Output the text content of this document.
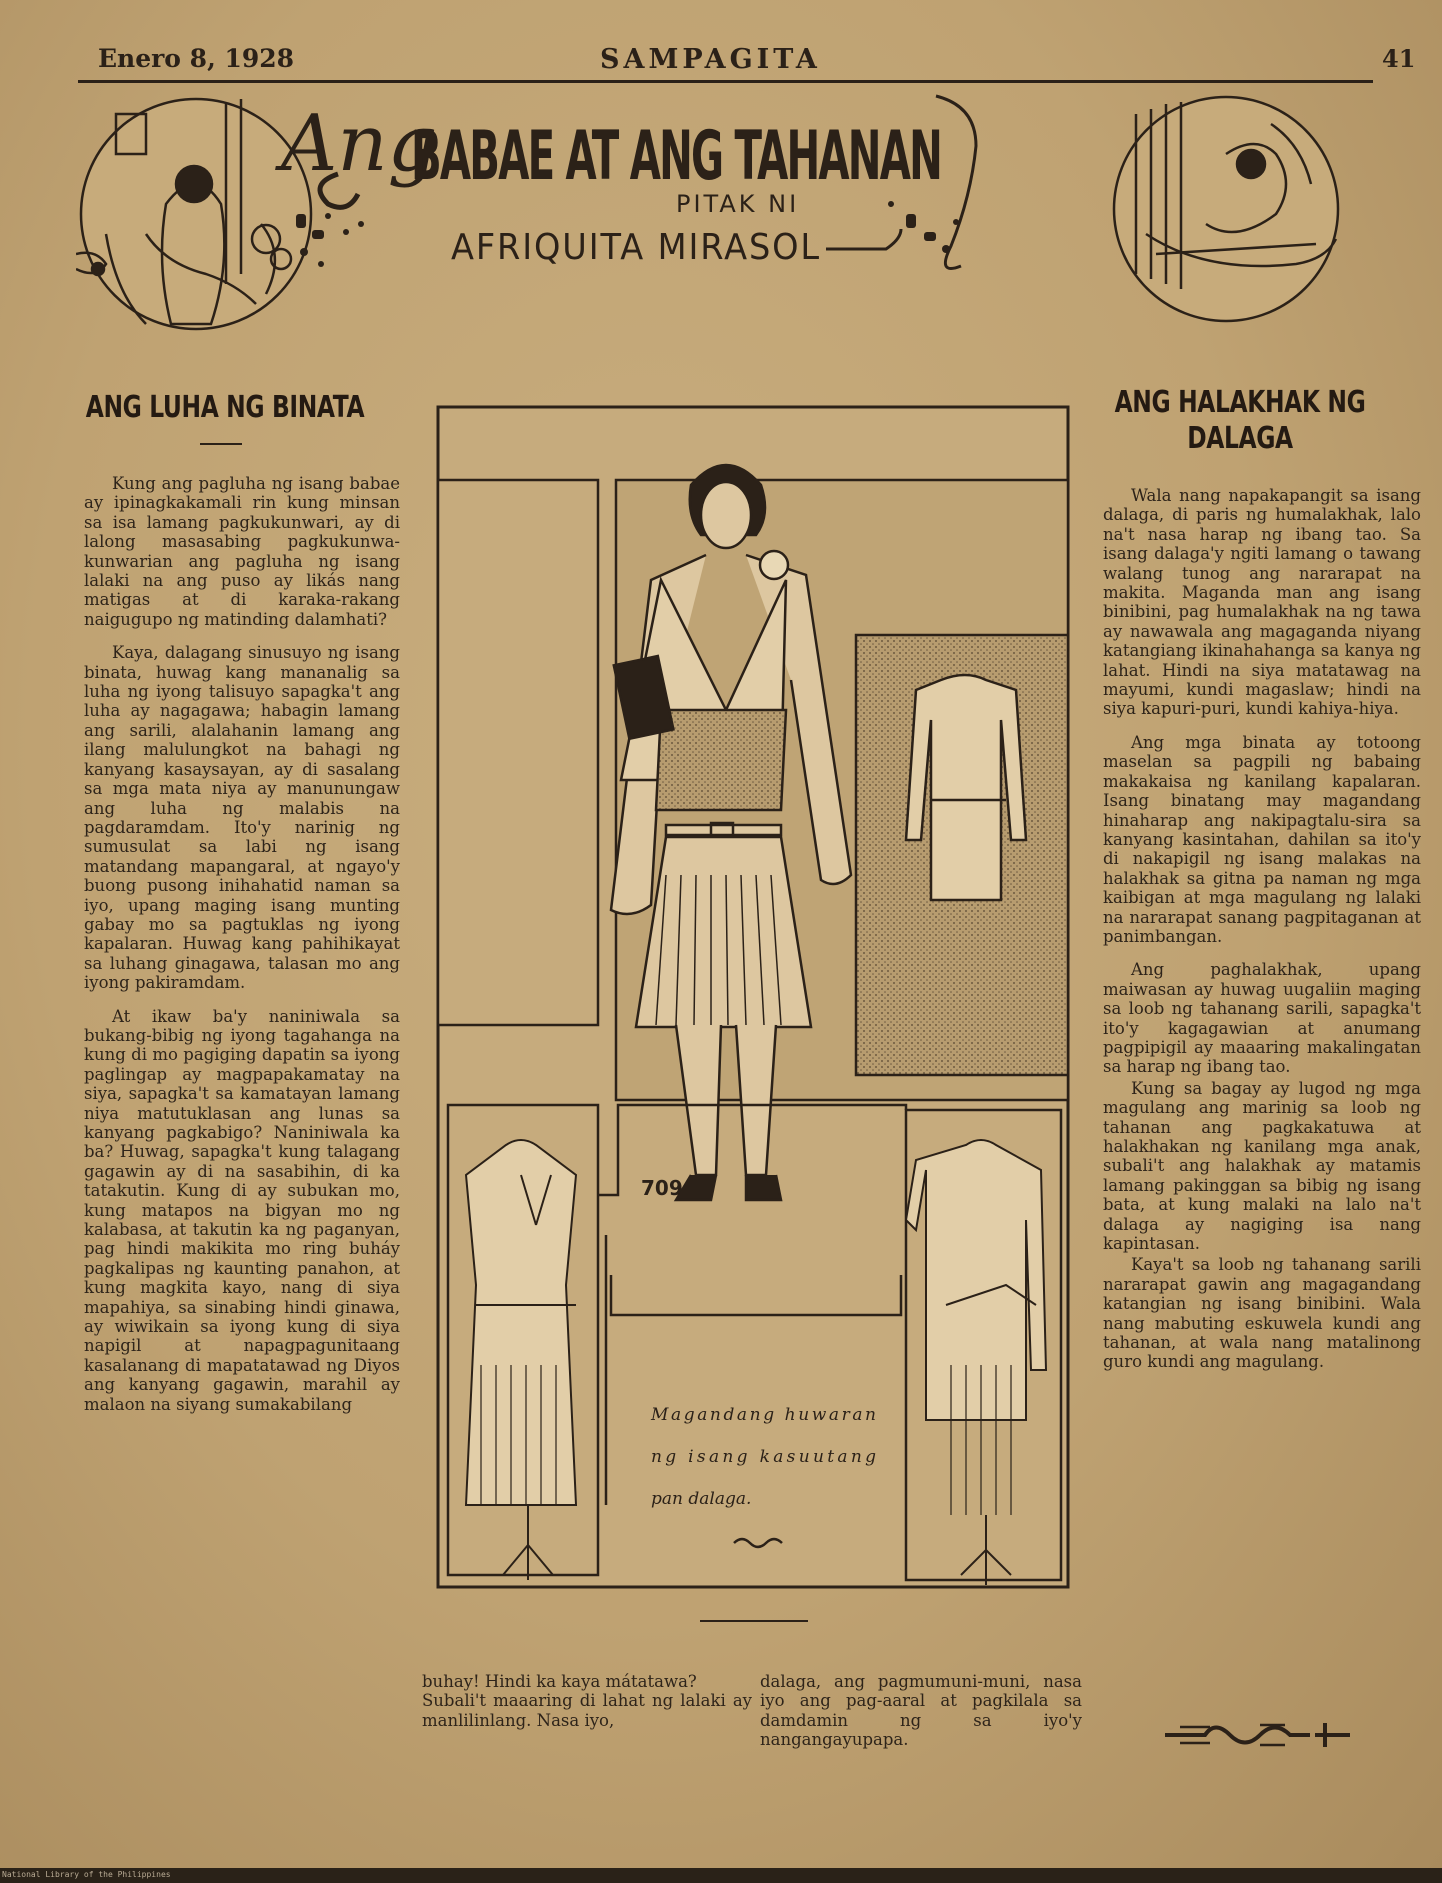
Enero 8, 1928	SAMPAGITA	41
Ang
BABAE AT ANG TAHANAN
PITAK NI
AFRIQUITA MIRASOL
ANG LUHA NG BINATA

Kung ang pagluha ng isang babae ay ipinagkakamali rin kung minsan sa isa lamang pagkukunwari, ay di lalong masasabing pagkukunwa-kunwarian ang pagluha ng isang lalaki na ang puso ay likás nang matigas at di karaka-rakang naigugupo ng matinding dalamhati?

Kaya, dalagang sinusuyo ng isang binata, huwag kang mananalig sa luha ng iyong talisuyo sapagka't ang luha ay nagagawa; habagin lamang ang sarili, alalahanin lamang ang ilang malulungkot na bahagi ng kanyang kasaysayan, ay di sasalang sa mga mata niya ay manunungaw ang luha ng malabis na pagdaramdam. Ito'y narinig ng sumusulat sa labi ng isang matandang mapangaral, at ngayo'y buong pusong inihahatid naman sa iyo, upang maging isang munting gabay mo sa pagtuklas ng iyong kapalaran. Huwag kang pahihikayat sa luhang ginagawa, talasan mo ang iyong pakiramdam.

At ikaw ba'y naniniwala sa bukang-bibig ng iyong tagahanga na kung di mo pagiging dapatin sa iyong paglingap ay magpapakamatay na siya, sapagka't sa kamatayan lamang niya matutuklasan ang lunas sa kanyang pagkabigo? Naniniwala ka ba? Huwag, sapagka't kung talagang gagawin ay di na sasabihin, di ka tatakutin. Kung di ay subukan mo, kung matapos na bigyan mo ng kalabasa, at takutin ka ng paganyan, pag hindi makikita mo ring buháy pagkalipas ng kaunting panahon, at kung magkita kayo, nang di siya mapahiya, sa sinabing hindi ginawa, ay wiwikain sa iyong kung di siya napigil at napagpagunitaang kasalanang di mapatatawad ng Diyos ang kanyang gagawin, marahil ay malaon na siyang sumakabilang

709
Magandang huwaran
ng isang kasuutang
pan dalaga.
buhay! Hindi ka kaya mátatawa?
Subali't maaaring di lahat ng lalaki ay manlilinlang. Nasa iyo,
dalaga, ang pagmumuni-muni, nasa iyo ang pag-aaral at pagkilala sa damdamin ng sa iyo'y nangangayupapa.
ANG HALAKHAK NG DALAGA

Wala nang napakapangit sa isang dalaga, di paris ng humalakhak, lalo na't nasa harap ng ibang tao. Sa isang dalaga'y ngiti lamang o tawang walang tunog ang nararapat na makita. Maganda man ang isang binibini, pag humalakhak na ng tawa ay nawawala ang magaganda niyang katangiang ikinahahanga sa kanya ng lahat. Hindi na siya matatawag na mayumi, kundi magaslaw; hindi na siya kapuri-puri, kundi kahiya-hiya.

Ang mga binata ay totoong maselan sa pagpili ng babaing makakaisa ng kanilang kapalaran. Isang binatang may magandang hinaharap ang nakipagtalu-sira sa kanyang kasintahan, dahilan sa ito'y di nakapigil ng isang malakas na halakhak sa gitna pa naman ng mga kaibigan at mga magulang ng lalaki na nararapat sanang pagpitaganan at panimbangan.

Ang paghalakhak, upang maiwasan ay huwag uugaliin maging sa loob ng tahanang sarili, sapagka't ito'y kagagawian at anumang pagpipigil ay maaaring makalingatan sa harap ng ibang tao.

Kung sa bagay ay lugod ng mga magulang ang marinig sa loob ng tahanan ang pagkakatuwa at halakhakan ng kanilang mga anak, subali't ang halakhak ay matamis lamang pakinggan sa bibig ng isang bata, at kung malaki na lalo na't dalaga ay nagiging isa nang kapintasan.

Kaya't sa loob ng tahanang sarili nararapat gawin ang magagandang katangian ng isang binibini. Wala nang mabuting eskuwela kundi ang tahanan, at wala nang matalinong guro kundi ang magulang.

National Library of the Philippines
